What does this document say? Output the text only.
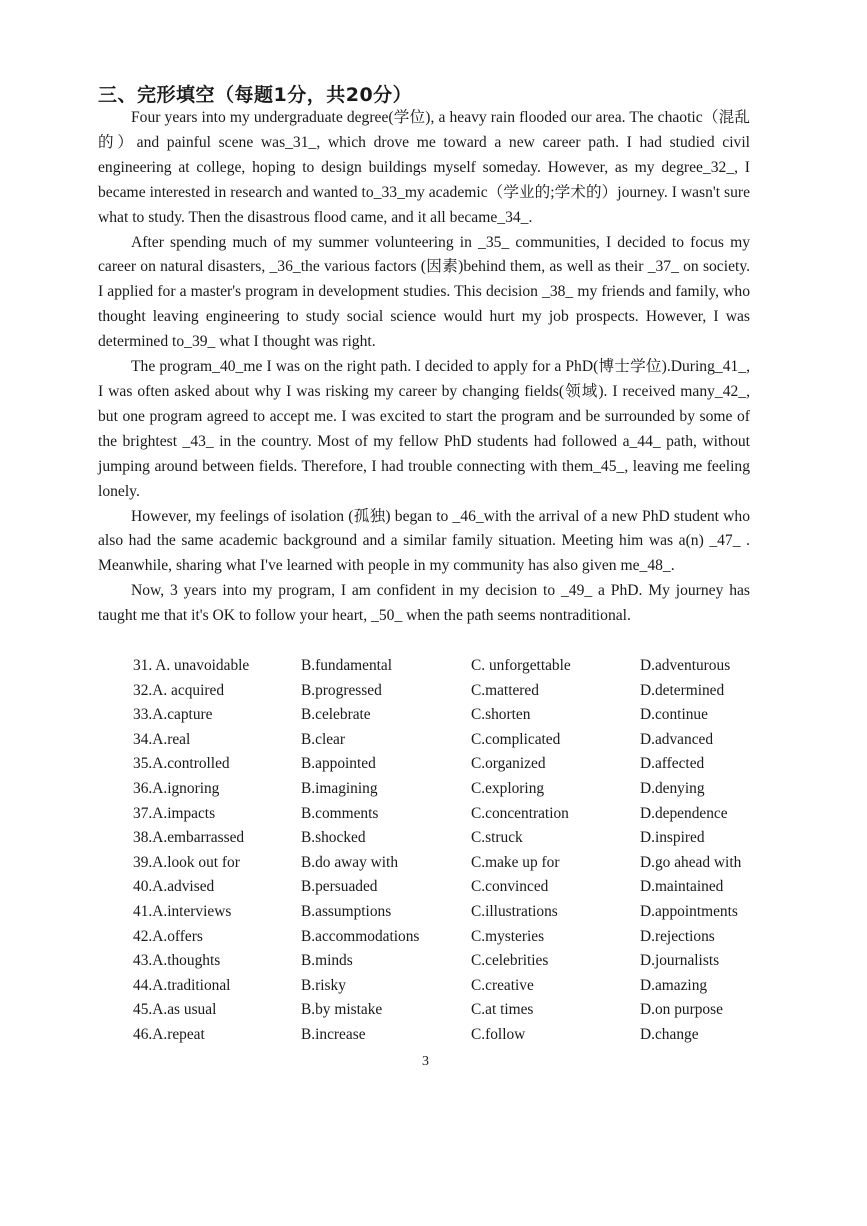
三、完形填空（每题1分，共20分）

Four years into my undergraduate degree(学位), a heavy rain flooded our area. The chaotic（混乱的）and painful scene was_31_, which drove me toward a new career path. I had studied civil engineering at college, hoping to design buildings myself someday. However, as my degree_32_, I became interested in research and wanted to_33_my academic（学业的;学术的）journey. I wasn't sure what to study. Then the disastrous flood came, and it all became_34_.

After spending much of my summer volunteering in _35_ communities, I decided to focus my career on natural disasters, _36_the various factors (因素)behind them, as well as their _37_ on society. I applied for a master's program in development studies. This decision _38_ my friends and family, who thought leaving engineering to study social science would hurt my job prospects. However, I was determined to_39_ what I thought was right.

The program_40_me I was on the right path. I decided to apply for a PhD(博士学位).During_41_, I was often asked about why I was risking my career by changing fields(领域). I received many_42_, but one program agreed to accept me. I was excited to start the program and be surrounded by some of the brightest _43_ in the country. Most of my fellow PhD students had followed a_44_ path, without jumping around between fields. Therefore, I had trouble connecting with them_45_, leaving me feeling lonely.

However, my feelings of isolation (孤独) began to _46_with the arrival of a new PhD student who also had the same academic background and a similar family situation. Meeting him was a(n) _47_ . Meanwhile, sharing what I've learned with people in my community has also given me_48_.

Now, 3 years into my program, I am confident in my decision to _49_ a PhD. My journey has taught me that it's OK to follow your heart, _50_ when the path seems nontraditional.

31. A. unavoidable	B.fundamental	C. unforgettable	D.adventurous
32.A. acquired	B.progressed	C.mattered	D.determined
33.A.capture	B.celebrate	C.shorten	D.continue
34.A.real	B.clear	C.complicated	D.advanced
35.A.controlled	B.appointed	C.organized	D.affected
36.A.ignoring	B.imagining	C.exploring	D.denying
37.A.impacts	B.comments	C.concentration	D.dependence
38.A.embarrassed	B.shocked	C.struck	D.inspired
39.A.look out for	B.do away with	C.make up for	D.go ahead with
40.A.advised	B.persuaded	C.convinced	D.maintained
41.A.interviews	B.assumptions	C.illustrations	D.appointments
42.A.offers	B.accommodations	C.mysteries	D.rejections
43.A.thoughts	B.minds	C.celebrities	D.journalists
44.A.traditional	B.risky	C.creative	D.amazing
45.A.as usual	B.by mistake	C.at times	D.on purpose
46.A.repeat	B.increase	C.follow	D.change
3
